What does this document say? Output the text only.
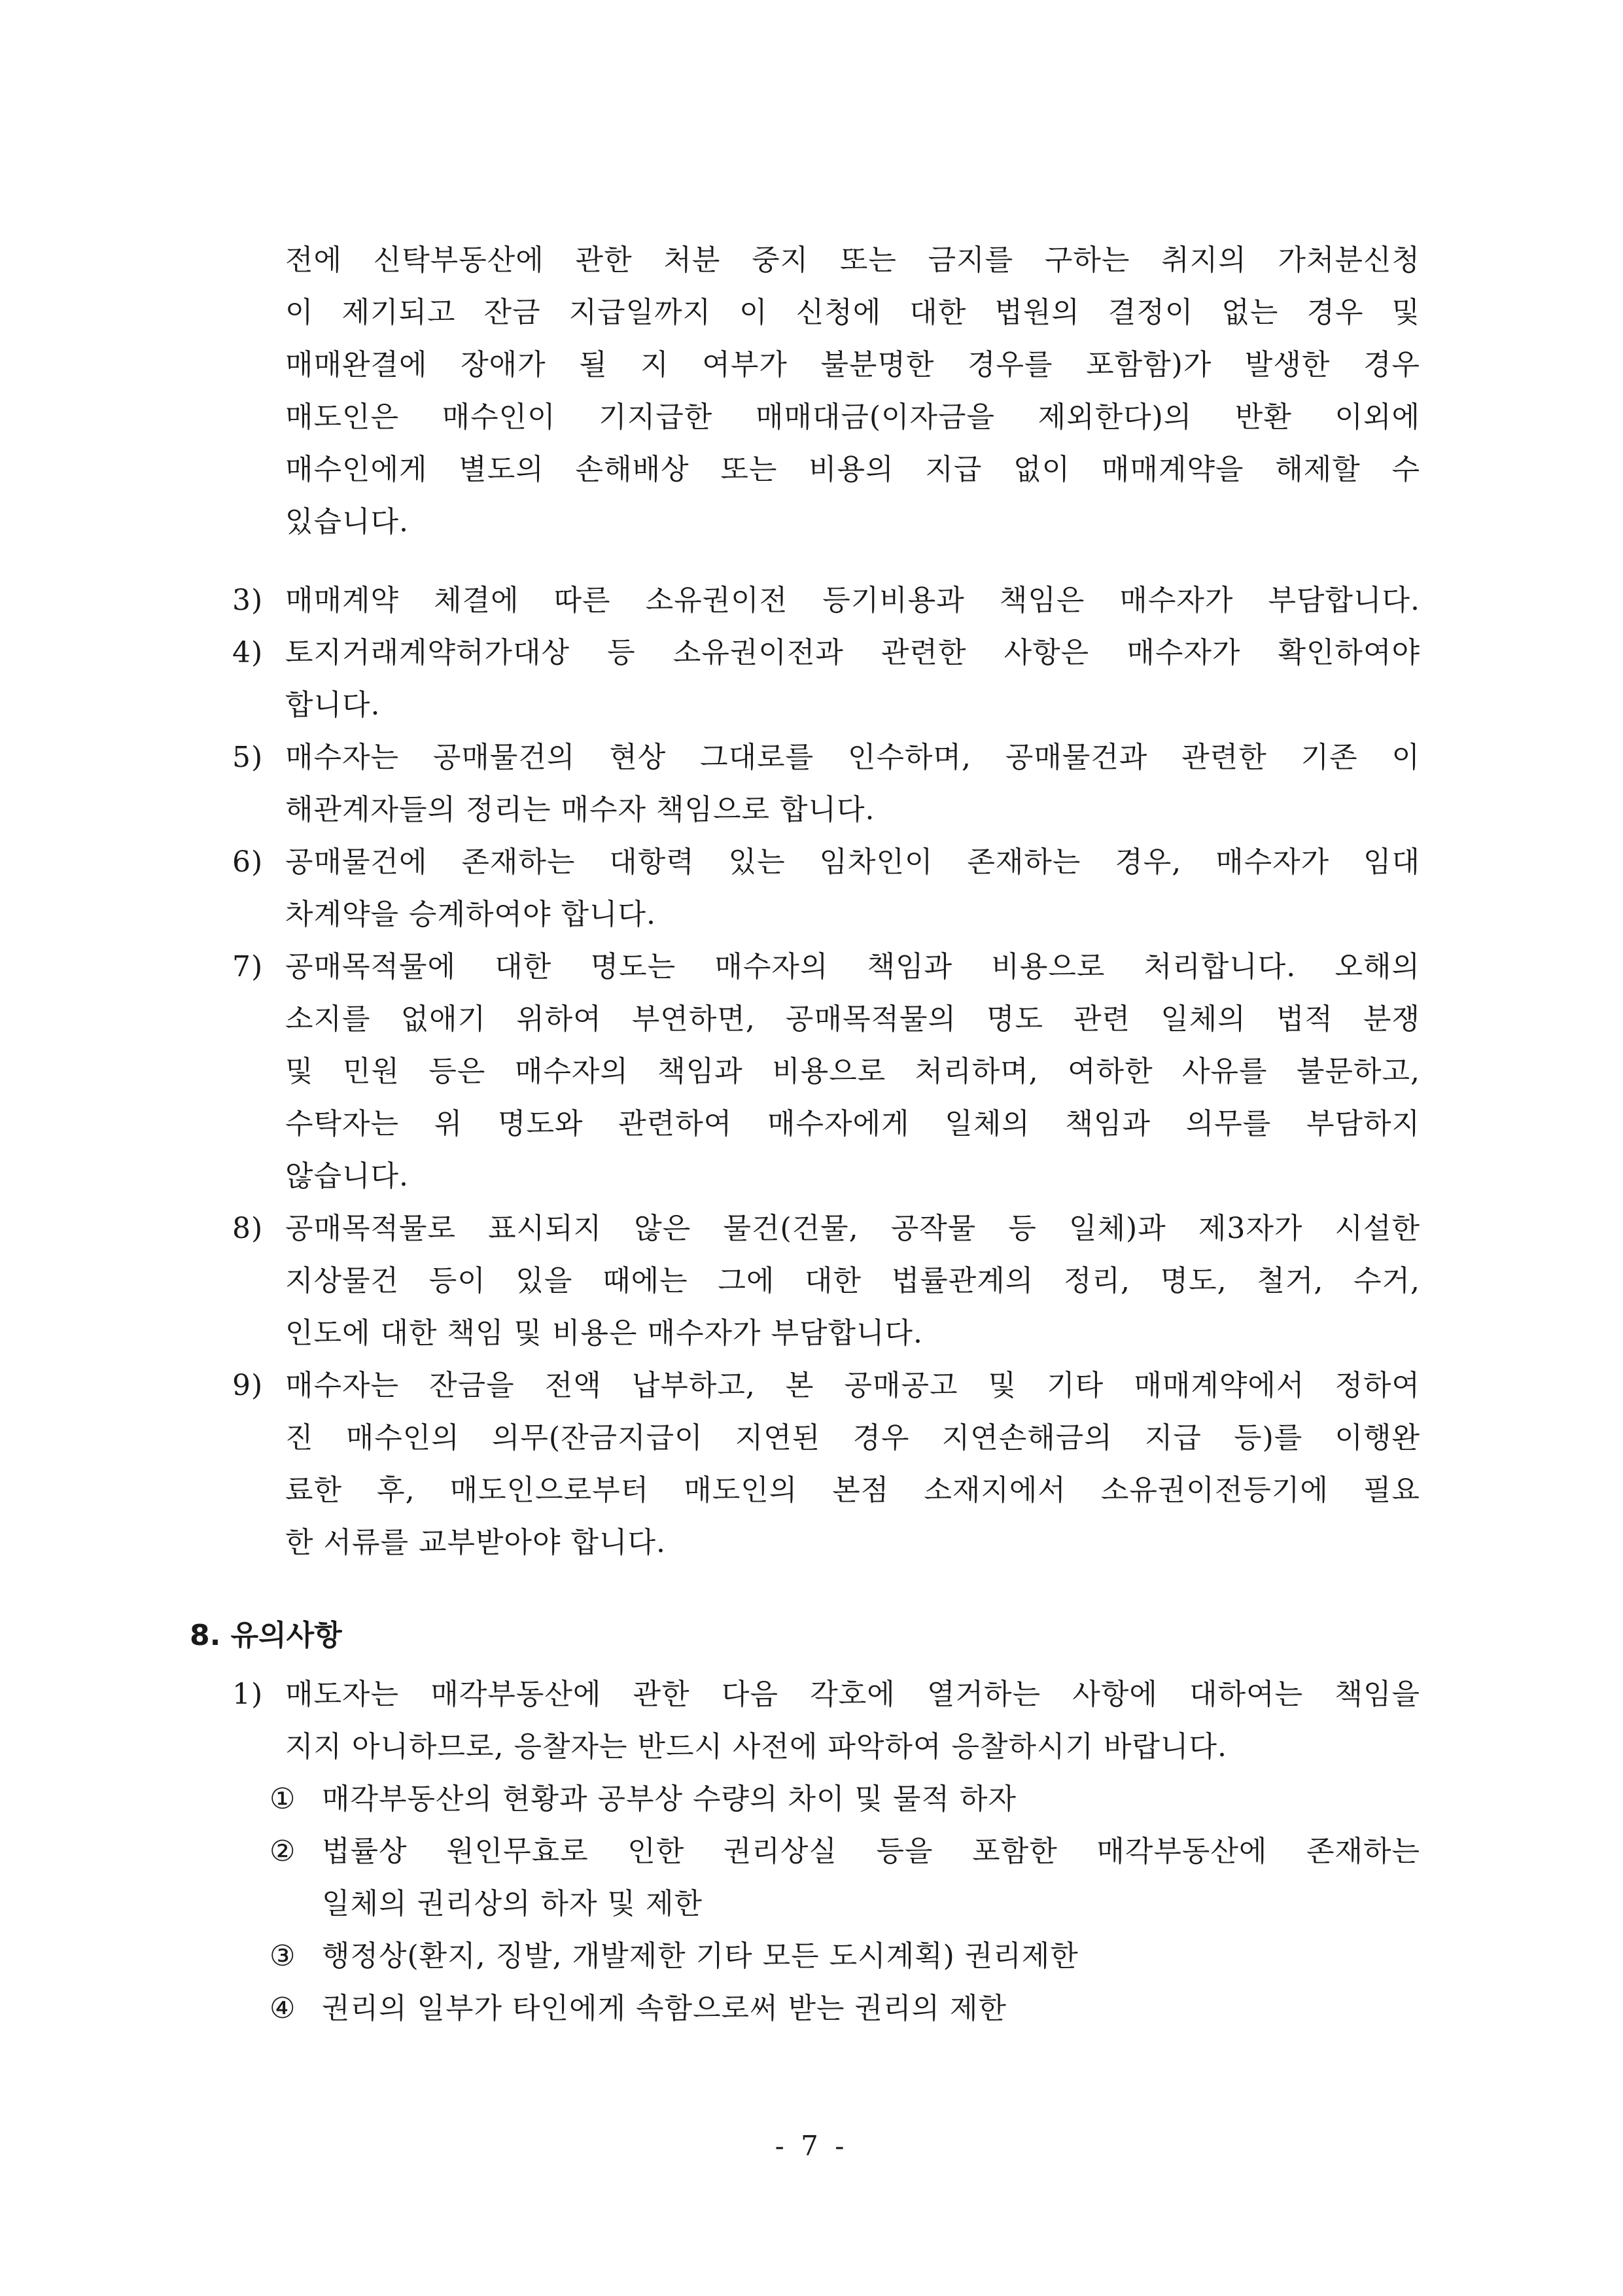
전에 신탁부동산에 관한 처분 중지 또는 금지를 구하는 취지의 가처분신청
이 제기되고 잔금 지급일까지 이 신청에 대한 법원의 결정이 없는 경우 및
매매완결에 장애가 될 지 여부가 불분명한 경우를 포함함)가 발생한 경우
매도인은 매수인이 기지급한 매매대금(이자금을 제외한다)의 반환 이외에
매수인에게 별도의 손해배상 또는 비용의 지급 없이 매매계약을 해제할 수
있습니다.
3) 매매계약 체결에 따른 소유권이전 등기비용과 책임은 매수자가 부담합니다.
4) 토지거래계약허가대상 등 소유권이전과 관련한 사항은 매수자가 확인하여야
합니다.
5) 매수자는 공매물건의 현상 그대로를 인수하며, 공매물건과 관련한 기존 이
해관계자들의 정리는 매수자 책임으로 합니다.
6) 공매물건에 존재하는 대항력 있는 임차인이 존재하는 경우, 매수자가 임대
차계약을 승계하여야 합니다.
7) 공매목적물에 대한 명도는 매수자의 책임과 비용으로 처리합니다. 오해의
소지를 없애기 위하여 부연하면, 공매목적물의 명도 관련 일체의 법적 분쟁
및 민원 등은 매수자의 책임과 비용으로 처리하며, 여하한 사유를 불문하고,
수탁자는 위 명도와 관련하여 매수자에게 일체의 책임과 의무를 부담하지
않습니다.
8) 공매목적물로 표시되지 않은 물건(건물, 공작물 등 일체)과 제3자가 시설한
지상물건 등이 있을 때에는 그에 대한 법률관계의 정리, 명도, 철거, 수거,
인도에 대한 책임 및 비용은 매수자가 부담합니다.
9) 매수자는 잔금을 전액 납부하고, 본 공매공고 및 기타 매매계약에서 정하여
진 매수인의 의무(잔금지급이 지연된 경우 지연손해금의 지급 등)를 이행완
료한 후, 매도인으로부터 매도인의 본점 소재지에서 소유권이전등기에 필요
한 서류를 교부받아야 합니다.
8. 유의사항
1) 매도자는 매각부동산에 관한 다음 각호에 열거하는 사항에 대하여는 책임을
지지 아니하므로, 응찰자는 반드시 사전에 파악하여 응찰하시기 바랍니다.
① 매각부동산의 현황과 공부상 수량의 차이 및 물적 하자
② 법률상 원인무효로 인한 권리상실 등을 포함한 매각부동산에 존재하는
일체의 권리상의 하자 및 제한
③ 행정상(환지, 징발, 개발제한 기타 모든 도시계획) 권리제한
④ 권리의 일부가 타인에게 속함으로써 받는 권리의 제한
- 7 -
